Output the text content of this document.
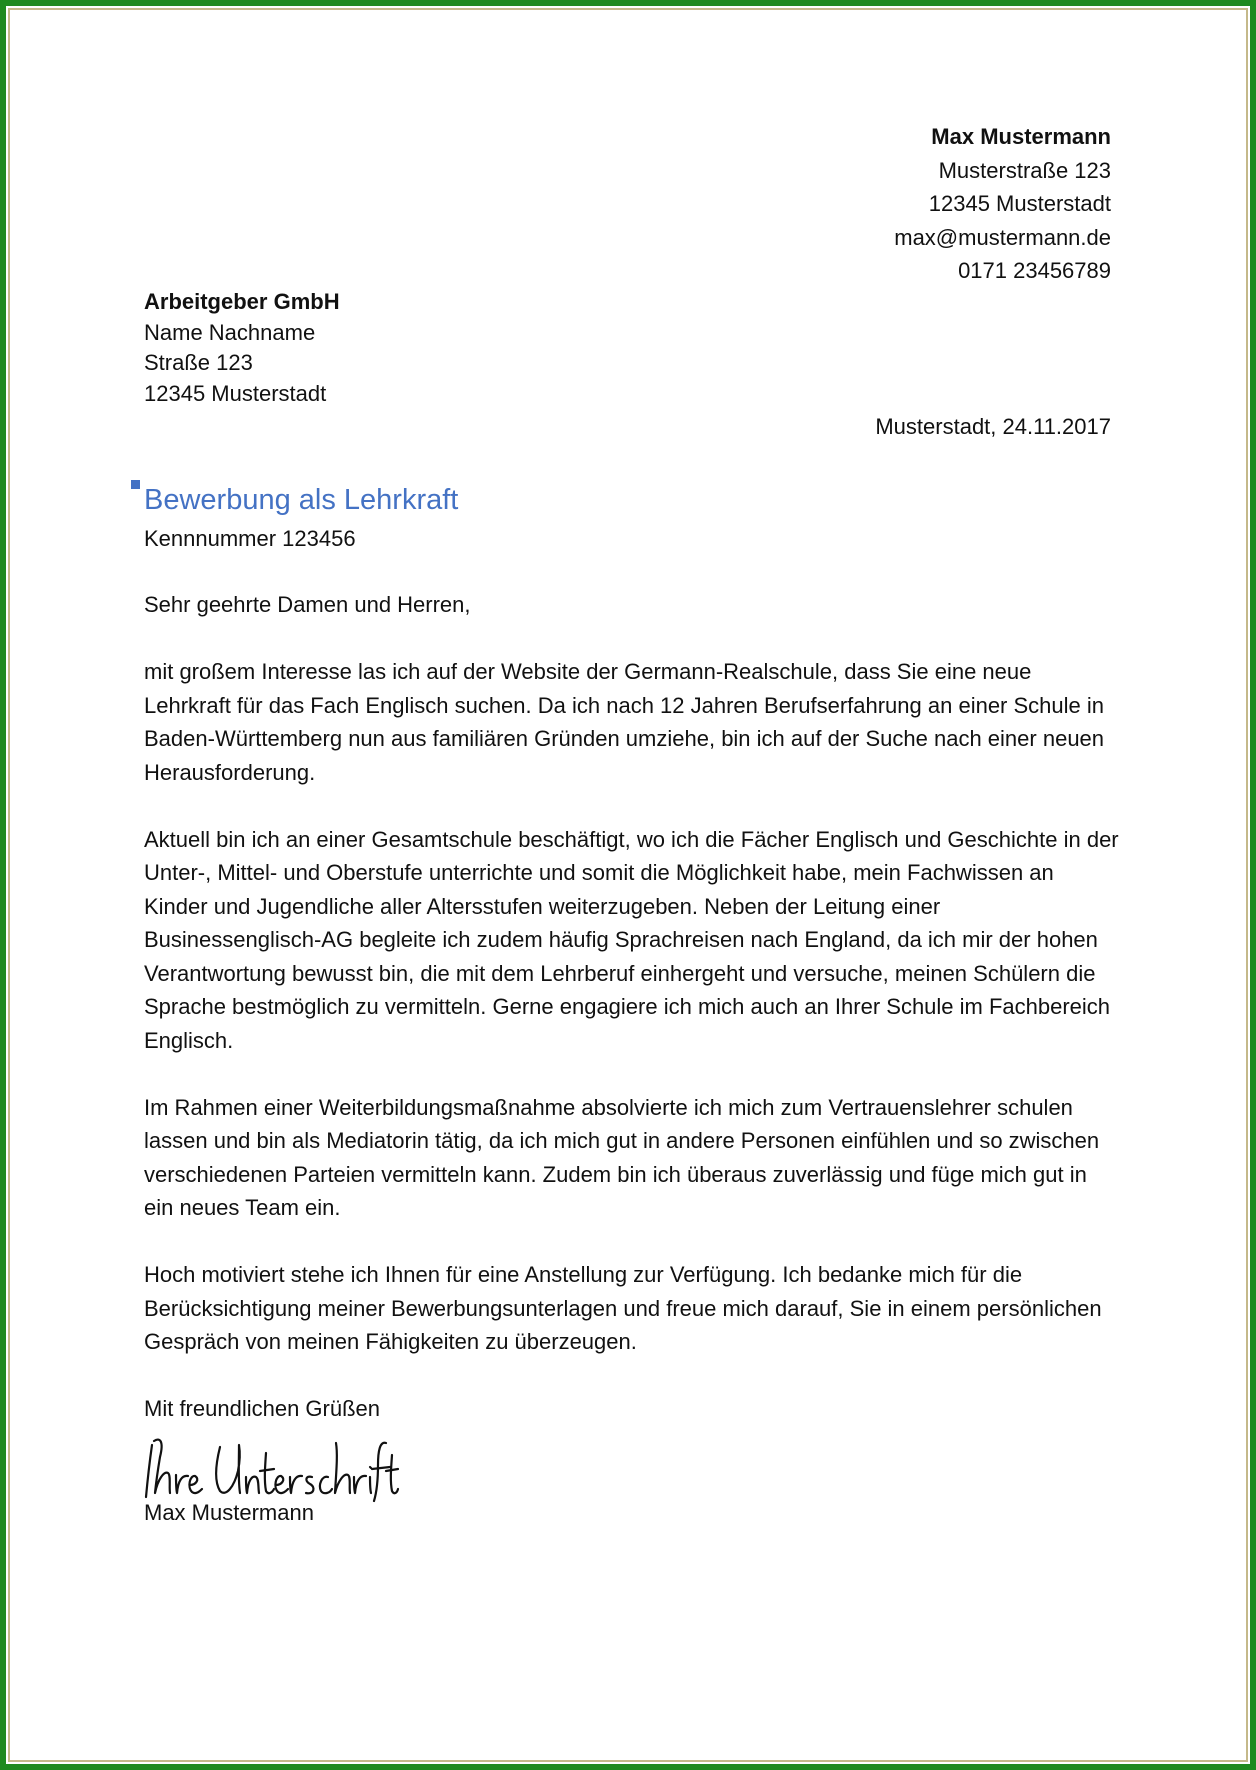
Max Mustermann
Musterstraße 123
12345 Musterstadt
max@mustermann.de
0171 23456789
Arbeitgeber GmbH
Name Nachname
Straße 123
12345 Musterstadt
Musterstadt, 24.11.2017
Bewerbung als Lehrkraft
Kennnummer 123456

Sehr geehrte Damen und Herren,

mit großem Interesse las ich auf der Website der Germann-Realschule, dass Sie eine neue Lehrkraft für das Fach Englisch suchen. Da ich nach 12 Jahren Berufserfahrung an einer Schule in Baden-Württemberg nun aus familiären Gründen umziehe, bin ich auf der Suche nach einer neuen Herausforderung.

Aktuell bin ich an einer Gesamtschule beschäftigt, wo ich die Fächer Englisch und Geschichte in der Unter-, Mittel- und Oberstufe unterrichte und somit die Möglichkeit habe, mein Fachwissen an Kinder und Jugendliche aller Altersstufen weiterzugeben. Neben der Leitung einer Businessenglisch-AG begleite ich zudem häufig Sprachreisen nach England, da ich mir der hohen Verantwortung bewusst bin, die mit dem Lehrberuf einhergeht und versuche, meinen Schülern die Sprache bestmöglich zu vermitteln. Gerne engagiere ich mich auch an Ihrer Schule im Fachbereich Englisch.

Im Rahmen einer Weiterbildungsmaßnahme absolvierte ich mich zum Vertrauenslehrer schulen lassen und bin als Mediatorin tätig, da ich mich gut in andere Personen einfühlen und so zwischen verschiedenen Parteien vermitteln kann. Zudem bin ich überaus zuverlässig und füge mich gut in ein neues Team ein.

Hoch motiviert stehe ich Ihnen für eine Anstellung zur Verfügung. Ich bedanke mich für die Berücksichtigung meiner Bewerbungsunterlagen und freue mich darauf, Sie in einem persönlichen Gespräch von meinen Fähigkeiten zu überzeugen.

Mit freundlichen Grüßen

Max Mustermann
